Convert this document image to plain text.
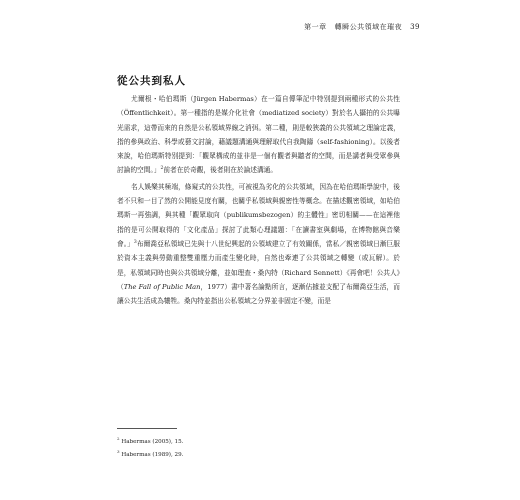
第一章 轉瞬公共領域在璀夜 39
從公共到私人

尤爾根・哈伯瑪斯（Jürgen Habermas）在一篇自傳筆記中特別提到兩種形式的公共性（Öffentlichkeit）。第一種指的是媒介化社會（mediatized society）對於名人攝拍的公共曝光需求，這帶而來的自然是公私領域界線之消弭。第二種，則是較狹義的公共領域之理論定義，指的參與政治、科學或藝文討論，藉議題溝通與理解取代自我陶鑄（self-fashioning）。以後者來說，哈伯瑪斯特別提到：「觀眾構成的並非是一個有觀者與聽者的空間，而是講者與受眾參與討論的空間。」$^2$前者在於奇觀，後者則在於論述溝通。

名人娛樂其極端，條窺式的公共性，可被視為劣化的公共領域，因為在哈伯瑪斯學說中，後者不只和一目了然的公開能見度有關，也關乎私領域與親密性等概念。在描述觀密領域，如哈伯瑪斯一再強調，與其種「觀眾取向（publikumsbezogen）的主體性」密切相關——在這裡他指的是可公開取得的「文化產品」探討了此類心理議題：「在讀書室與劇場，在博物館與音樂會。」$^3$布爾喬亞私領域已先與十八世紀興起的公領域建立了有效關係，當私／親密領域日漸巨服於資本主義與勞動重整雙重壓力而產生變化時，自然也牽連了公共領域之轉變（或瓦解）。於是，私領域同時也與公共領域分離，並如理查・桑內特（Richard Sennett）《再會吧！公共人》（The Fall of Public Man，1977）書中著名論點所言，逐漸佔據並支配了布爾喬亞生活，而讓公共生活成為犧牲。桑內特並指出公私領域之分界並非固定不變，而是

$^2$ Habermas (2005), 15.
$^3$ Habermas (1989), 29.
